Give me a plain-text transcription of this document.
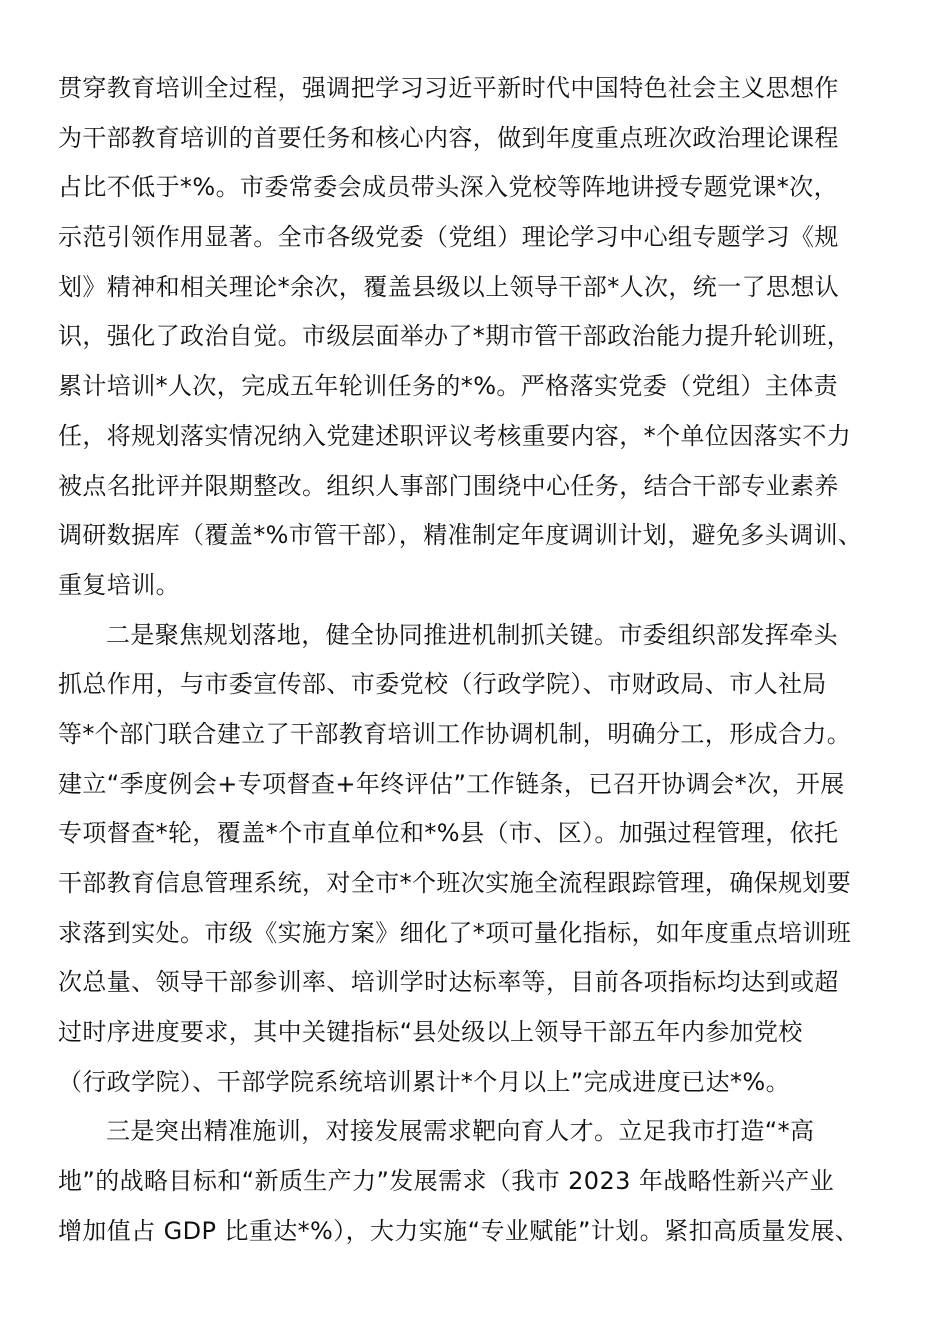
贯穿教育培训全过程，强调把学习习近平新时代中国特色社会主义思想作
为干部教育培训的首要任务和核心内容，做到年度重点班次政治理论课程
占比不低于*%。市委常委会成员带头深入党校等阵地讲授专题党课*次，
示范引领作用显著。全市各级党委（党组）理论学习中心组专题学习《规
划》精神和相关理论*余次，覆盖县级以上领导干部*人次，统一了思想认
识，强化了政治自觉。市级层面举办了*期市管干部政治能力提升轮训班，
累计培训*人次，完成五年轮训任务的*%。严格落实党委（党组）主体责
任，将规划落实情况纳入党建述职评议考核重要内容，*个单位因落实不力
被点名批评并限期整改。组织人事部门围绕中心任务，结合干部专业素养
调研数据库（覆盖*%市管干部），精准制定年度调训计划，避免多头调训、
重复培训。
二是聚焦规划落地，健全协同推进机制抓关键。市委组织部发挥牵头
抓总作用，与市委宣传部、市委党校（行政学院）、市财政局、市人社局
等*个部门联合建立了干部教育培训工作协调机制，明确分工，形成合力。
建立“季度例会+专项督查+年终评估”工作链条，已召开协调会*次，开展
专项督查*轮，覆盖*个市直单位和*%县（市、区）。加强过程管理，依托
干部教育信息管理系统，对全市*个班次实施全流程跟踪管理，确保规划要
求落到实处。市级《实施方案》细化了*项可量化指标，如年度重点培训班
次总量、领导干部参训率、培训学时达标率等，目前各项指标均达到或超
过时序进度要求，其中关键指标“县处级以上领导干部五年内参加党校
（行政学院）、干部学院系统培训累计*个月以上”完成进度已达*%。
三是突出精准施训，对接发展需求靶向育人才。立足我市打造“*高
地”的战略目标和“新质生产力”发展需求（我市 2023 年战略性新兴产业
增加值占 GDP 比重达*%），大力实施“专业赋能”计划。紧扣高质量发展、
